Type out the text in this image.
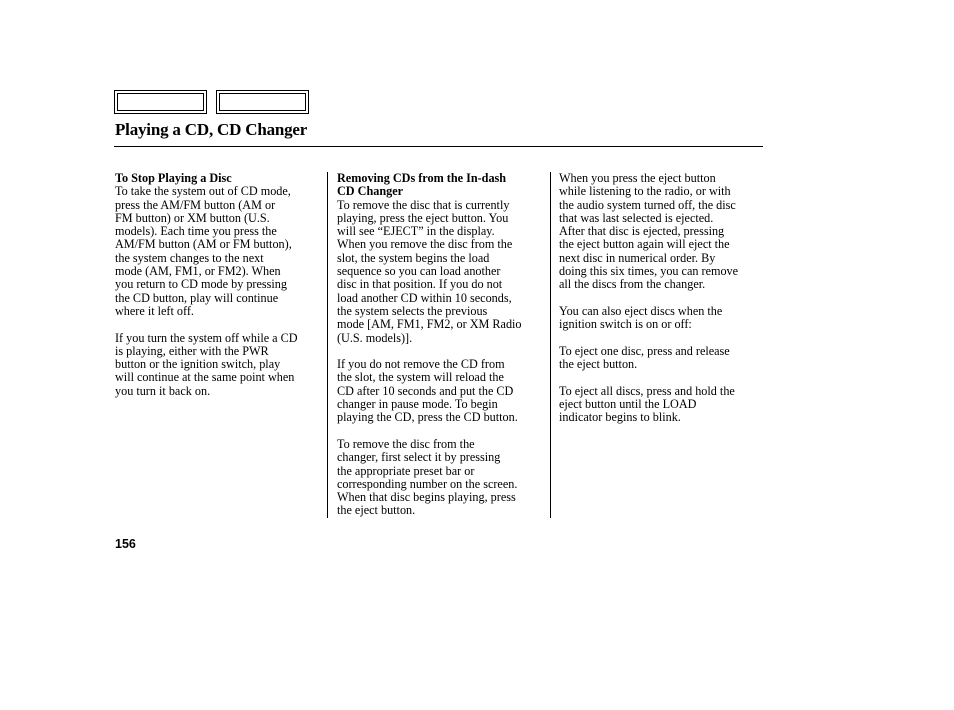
Playing a CD, CD Changer
To Stop Playing a Disc
To take the system out of CD mode,
press the AM/FM button (AM or
FM button) or XM button (U.S.
models). Each time you press the
AM/FM button (AM or FM button),
the system changes to the next
mode (AM, FM1, or FM2). When
you return to CD mode by pressing
the CD button, play will continue
where it left off.
If you turn the system off while a CD
is playing, either with the PWR
button or the ignition switch, play
will continue at the same point when
you turn it back on.
Removing CDs from the In-dash
CD Changer
To remove the disc that is currently
playing, press the eject button. You
will see “EJECT” in the display.
When you remove the disc from the
slot, the system begins the load
sequence so you can load another
disc in that position. If you do not
load another CD within 10 seconds,
the system selects the previous
mode [AM, FM1, FM2, or XM Radio
(U.S. models)].
If you do not remove the CD from
the slot, the system will reload the
CD after 10 seconds and put the CD
changer in pause mode. To begin
playing the CD, press the CD button.
To remove the disc from the
changer, first select it by pressing
the appropriate preset bar or
corresponding number on the screen.
When that disc begins playing, press
the eject button.
When you press the eject button
while listening to the radio, or with
the audio system turned off, the disc
that was last selected is ejected.
After that disc is ejected, pressing
the eject button again will eject the
next disc in numerical order. By
doing this six times, you can remove
all the discs from the changer.
You can also eject discs when the
ignition switch is on or off:
To eject one disc, press and release
the eject button.
To eject all discs, press and hold the
eject button until the LOAD
indicator begins to blink.
156
